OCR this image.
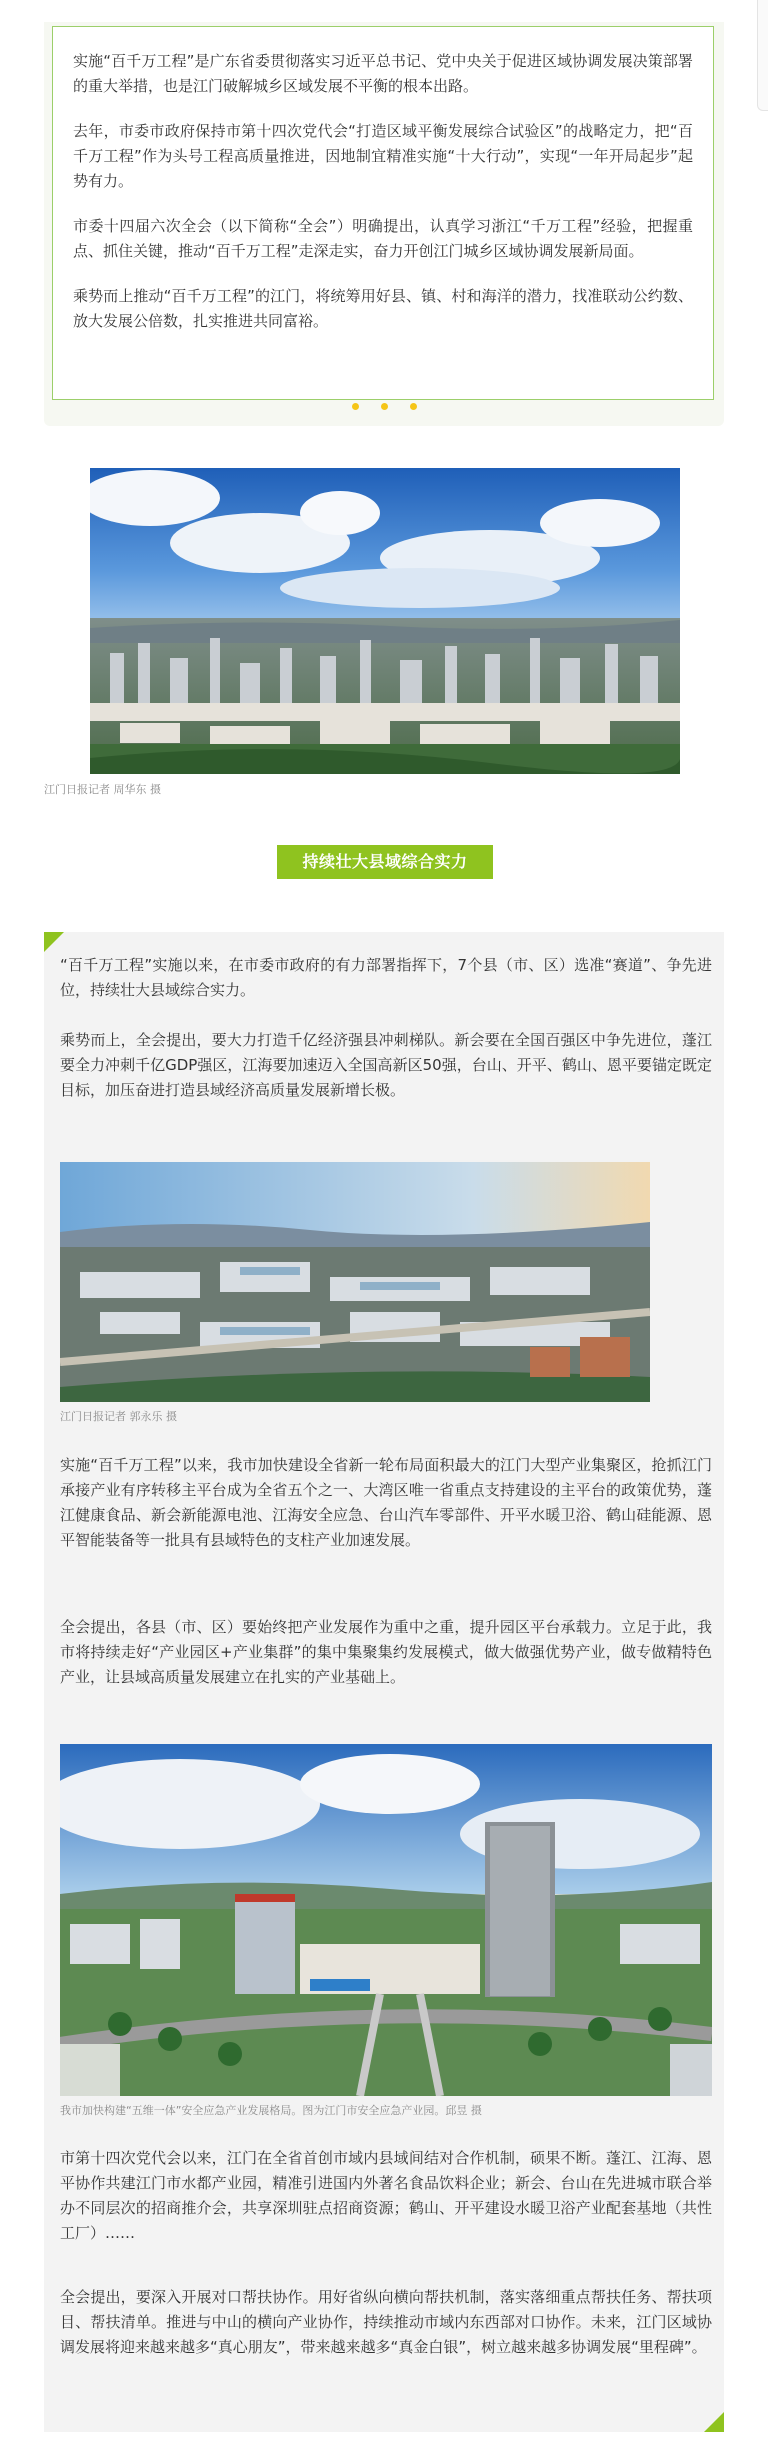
实施“百千万工程”是广东省委贯彻落实习近平总书记、党中央关于促进区域协调发展决策部署的重大举措，也是江门破解城乡区域发展不平衡的根本出路。

去年，市委市政府保持市第十四次党代会“打造区域平衡发展综合试验区”的战略定力，把“百千万工程”作为头号工程高质量推进，因地制宜精准实施“十大行动”，实现“一年开局起步”起势有力。

市委十四届六次全会（以下简称“全会”）明确提出，认真学习浙江“千万工程”经验，把握重点、抓住关键，推动“百千万工程”走深走实，奋力开创江门城乡区域协调发展新局面。

乘势而上推动“百千万工程”的江门，将统筹用好县、镇、村和海洋的潜力，找准联动公约数、放大发展公倍数，扎实推进共同富裕。

江门日报记者 周华东 摄
持续壮大县域综合实力

“百千万工程”实施以来，在市委市政府的有力部署指挥下，7个县（市、区）选准“赛道”、争先进位，持续壮大县域综合实力。

乘势而上，全会提出，要大力打造千亿经济强县冲刺梯队。新会要在全国百强区中争先进位，蓬江要全力冲刺千亿GDP强区，江海要加速迈入全国高新区50强，台山、开平、鹤山、恩平要锚定既定目标，加压奋进打造县域经济高质量发展新增长极。

江门日报记者 郭永乐 摄

实施“百千万工程”以来，我市加快建设全省新一轮布局面积最大的江门大型产业集聚区，抢抓江门承接产业有序转移主平台成为全省五个之一、大湾区唯一省重点支持建设的主平台的政策优势，蓬江健康食品、新会新能源电池、江海安全应急、台山汽车零部件、开平水暖卫浴、鹤山硅能源、恩平智能装备等一批具有县域特色的支柱产业加速发展。

全会提出，各县（市、区）要始终把产业发展作为重中之重，提升园区平台承载力。立足于此，我市将持续走好“产业园区+产业集群”的集中集聚集约发展模式，做大做强优势产业，做专做精特色产业，让县域高质量发展建立在扎实的产业基础上。

我市加快构建“五维一体”安全应急产业发展格局。图为江门市安全应急产业园。邱昱 摄

市第十四次党代会以来，江门在全省首创市域内县域间结对合作机制，硕果不断。蓬江、江海、恩平协作共建江门市水都产业园，精准引进国内外著名食品饮料企业；新会、台山在先进城市联合举办不同层次的招商推介会，共享深圳驻点招商资源；鹤山、开平建设水暖卫浴产业配套基地（共性工厂）……

全会提出，要深入开展对口帮扶协作。用好省纵向横向帮扶机制，落实落细重点帮扶任务、帮扶项目、帮扶清单。推进与中山的横向产业协作，持续推动市域内东西部对口协作。未来，江门区域协调发展将迎来越来越多“真心朋友”，带来越来越多“真金白银”，树立越来越多协调发展“里程碑”。
